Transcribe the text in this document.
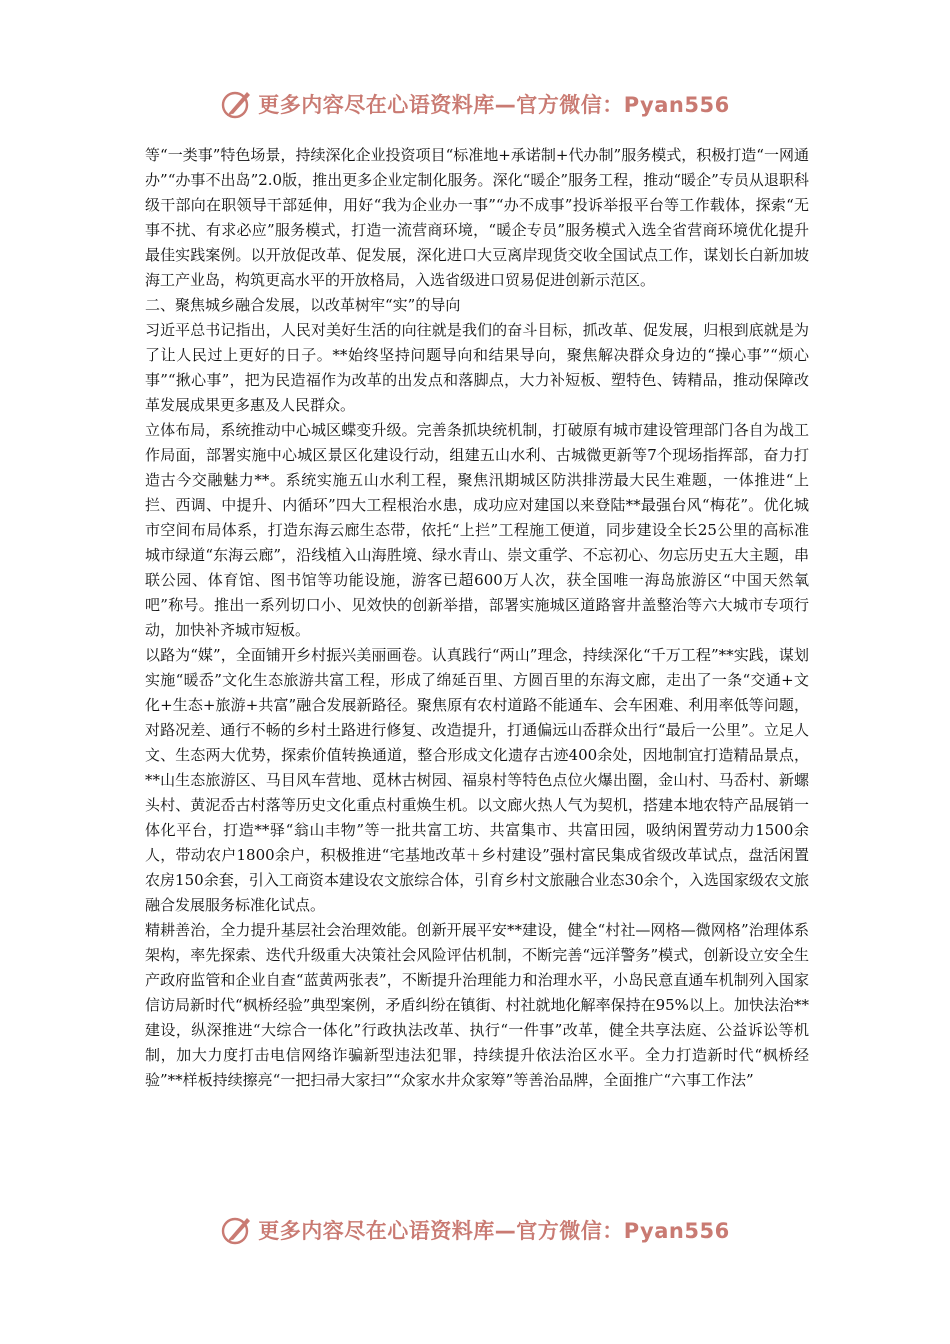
更多内容尽在心语资料库—官方微信：Pyan556

等“一类事”特色场景，持续深化企业投资项目“标准地+承诺制+代办制”服务模式，积极打造“一网通办”“办事不出岛”2.0版，推出更多企业定制化服务。深化“暖企”服务工程，推动“暖企”专员从退职科级干部向在职领导干部延伸，用好“我为企业办一事”“办不成事”投诉举报平台等工作载体，探索“无事不扰、有求必应”服务模式，打造一流营商环境，“暖企专员”服务模式入选全省营商环境优化提升最佳实践案例。以开放促改革、促发展，深化进口大豆离岸现货交收全国试点工作，谋划长白新加坡海工产业岛，构筑更高水平的开放格局，入选省级进口贸易促进创新示范区。

二、聚焦城乡融合发展，以改革树牢“实”的导向

习近平总书记指出，人民对美好生活的向往就是我们的奋斗目标，抓改革、促发展，归根到底就是为了让人民过上更好的日子。**始终坚持问题导向和结果导向，聚焦解决群众身边的“操心事”“烦心事”“揪心事”，把为民造福作为改革的出发点和落脚点，大力补短板、塑特色、铸精品，推动保障改革发展成果更多惠及人民群众。

立体布局，系统推动中心城区蝶变升级。完善条抓块统机制，打破原有城市建设管理部门各自为战工作局面，部署实施中心城区景区化建设行动，组建五山水利、古城微更新等7个现场指挥部，奋力打造古今交融魅力**。系统实施五山水利工程，聚焦汛期城区防洪排涝最大民生难题，一体推进“上拦、西调、中提升、内循环”四大工程根治水患，成功应对建国以来登陆**最强台风“梅花”。优化城市空间布局体系，打造东海云廊生态带，依托“上拦”工程施工便道，同步建设全长25公里的高标准城市绿道“东海云廊”，沿线植入山海胜境、绿水青山、崇文重学、不忘初心、勿忘历史五大主题，串联公园、体育馆、图书馆等功能设施，游客已超600万人次，获全国唯一海岛旅游区“中国天然氧吧”称号。推出一系列切口小、见效快的创新举措，部署实施城区道路窨井盖整治等六大城市专项行动，加快补齐城市短板。

以路为“媒”，全面铺开乡村振兴美丽画卷。认真践行“两山”理念，持续深化“千万工程”**实践，谋划实施“暖岙”文化生态旅游共富工程，形成了绵延百里、方圆百里的东海文廊，走出了一条“交通+文化+生态+旅游+共富”融合发展新路径。聚焦原有农村道路不能通车、会车困难、利用率低等问题，对路况差、通行不畅的乡村土路进行修复、改造提升，打通偏远山岙群众出行“最后一公里”。立足人文、生态两大优势，探索价值转换通道，整合形成文化遗存古迹400余处，因地制宜打造精品景点，**山生态旅游区、马目风车营地、觅林古树园、福泉村等特色点位火爆出圈，金山村、马岙村、新螺头村、黄泥岙古村落等历史文化重点村重焕生机。以文廊火热人气为契机，搭建本地农特产品展销一体化平台，打造**驿“翁山丰物”等一批共富工坊、共富集市、共富田园，吸纳闲置劳动力1500余人，带动农户1800余户，积极推进“宅基地改革＋乡村建设”强村富民集成省级改革试点，盘活闲置农房150余套，引入工商资本建设农文旅综合体，引育乡村文旅融合业态30余个，入选国家级农文旅融合发展服务标准化试点。

精耕善治，全力提升基层社会治理效能。创新开展平安**建设，健全“村社—网格—微网格”治理体系架构，率先探索、迭代升级重大决策社会风险评估机制，不断完善“远洋警务”模式，创新设立安全生产政府监管和企业自查“蓝黄两张表”，不断提升治理能力和治理水平，小岛民意直通车机制列入国家信访局新时代“枫桥经验”典型案例，矛盾纠纷在镇街、村社就地化解率保持在95%以上。加快法治**建设，纵深推进“大综合一体化”行政执法改革、执行“一件事”改革，健全共享法庭、公益诉讼等机制，加大力度打击电信网络诈骗新型违法犯罪，持续提升依法治区水平。全力打造新时代“枫桥经验”**样板持续擦亮“一把扫帚大家扫”“众家水井众家筹”等善治品牌，全面推广“六事工作法”

更多内容尽在心语资料库—官方微信：Pyan556
